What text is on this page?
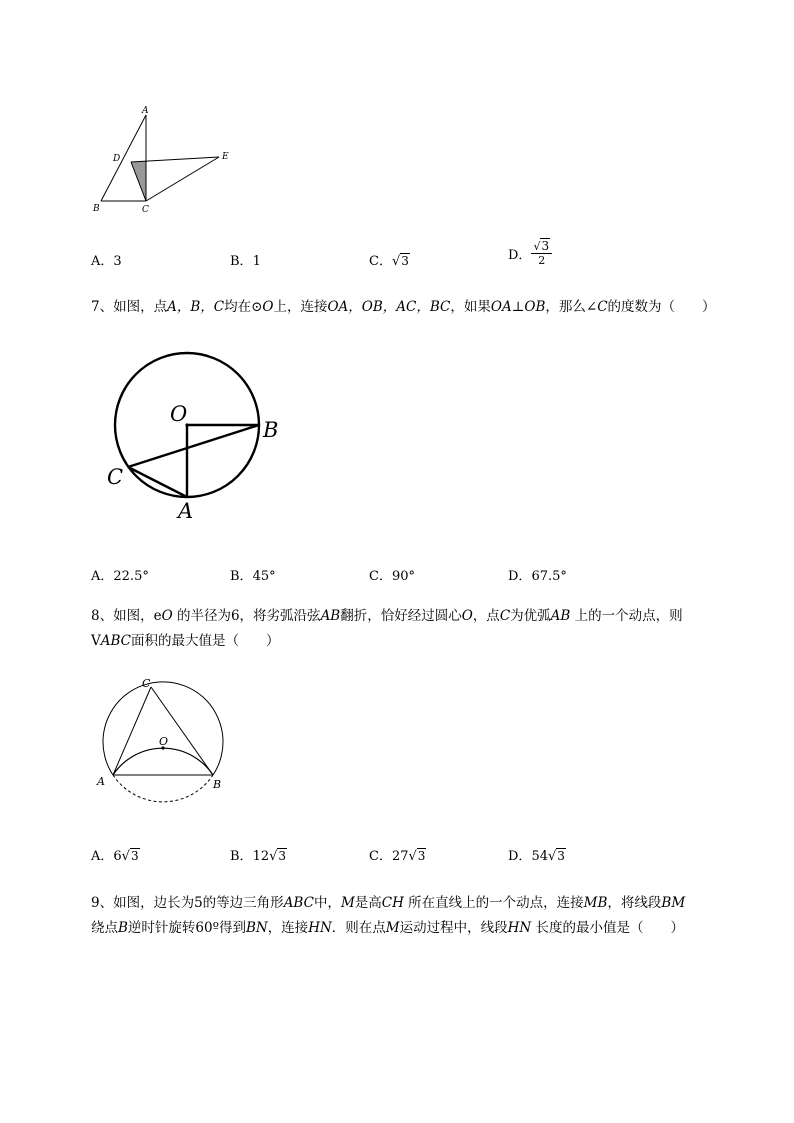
A
D	E
B	C
A．3	B．1	C．√3	D． $\frac{√3}{2}$
7、如图，点A，B，C均在⊙O上，连接OA，OB，AC，BC，如果OA⊥OB，那么∠C的度数为（　　）
O
B
C
A
A．22.5°	B．45°	C．90°	D．67.5°
8、如图，eO 的半径为6，将劣弧沿弦AB翻折，恰好经过圆心O，点C为优弧AB 上的一个动点，则
VABC面积的最大值是（　　）
C
O
A	B
A．6√3	B．12√3	C．27√3	D．54√3
9、如图，边长为5的等边三角形ABC中，M是高CH 所在直线上的一个动点，连接MB，将线段BM
绕点B逆时针旋转60º得到BN，连接HN．则在点M运动过程中，线段HN 长度的最小值是（　　）
